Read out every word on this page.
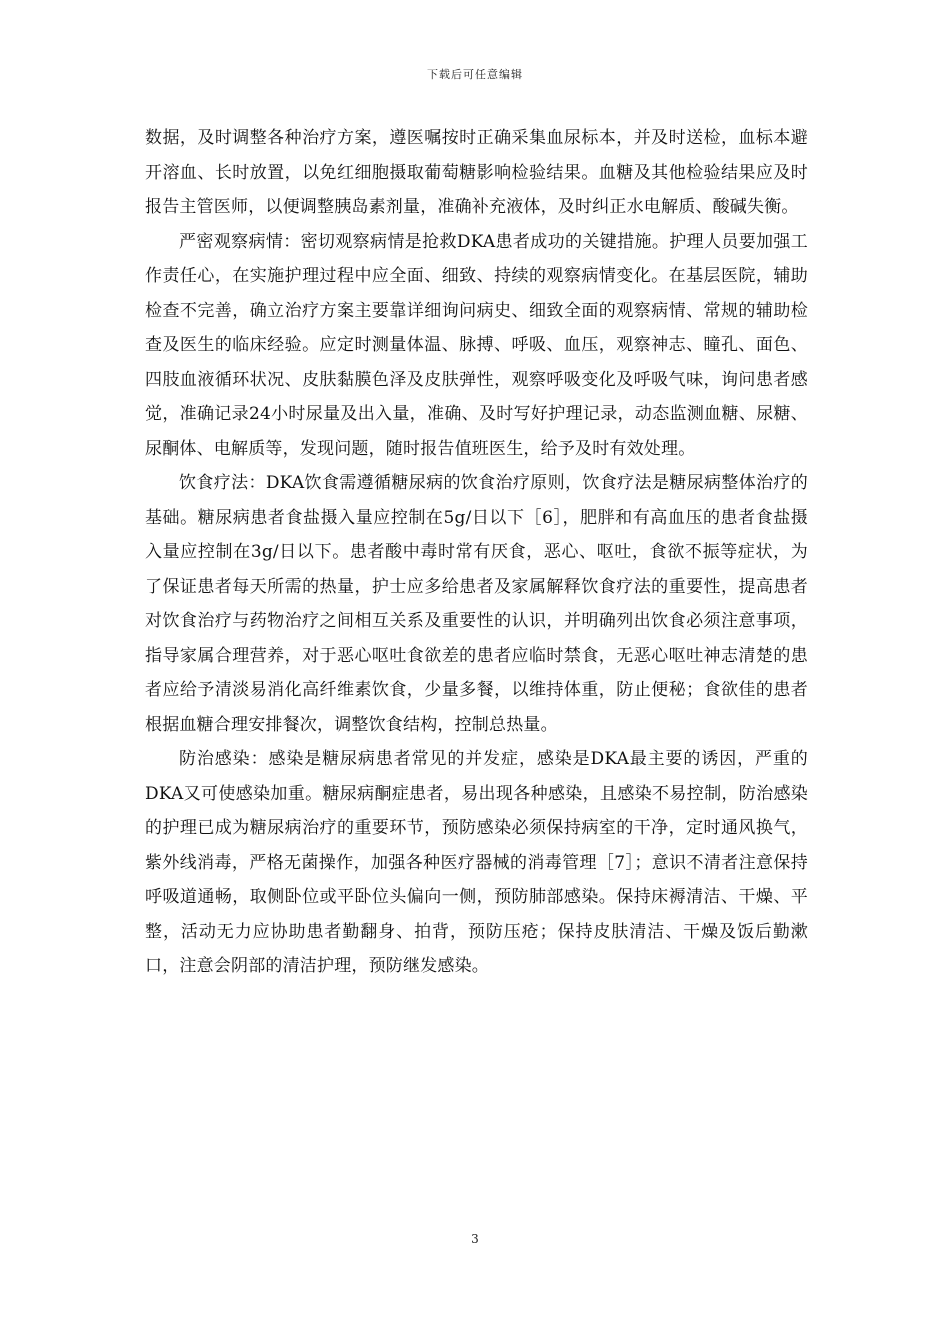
下载后可任意编辑

数据，及时调整各种治疗方案，遵医嘱按时正确采集血尿标本，并及时送检，血标本避开溶血、长时放置，以免红细胞摄取葡萄糖影响检验结果。血糖及其他检验结果应及时报告主管医师，以便调整胰岛素剂量，准确补充液体，及时纠正水电解质、酸碱失衡。

严密观察病情：密切观察病情是抢救DKA患者成功的关键措施。护理人员要加强工作责任心，在实施护理过程中应全面、细致、持续的观察病情变化。在基层医院，辅助检查不完善，确立治疗方案主要靠详细询问病史、细致全面的观察病情、常规的辅助检查及医生的临床经验。应定时测量体温、脉搏、呼吸、血压，观察神志、瞳孔、面色、四肢血液循环状况、皮肤黏膜色泽及皮肤弹性，观察呼吸变化及呼吸气味，询问患者感觉，准确记录24小时尿量及出入量，准确、及时写好护理记录，动态监测血糖、尿糖、尿酮体、电解质等，发现问题，随时报告值班医生，给予及时有效处理。

饮食疗法：DKA饮食需遵循糖尿病的饮食治疗原则，饮食疗法是糖尿病整体治疗的基础。糖尿病患者食盐摄入量应控制在5g/日以下［6］，肥胖和有高血压的患者食盐摄入量应控制在3g/日以下。患者酸中毒时常有厌食，恶心、呕吐，食欲不振等症状，为了保证患者每天所需的热量，护士应多给患者及家属解释饮食疗法的重要性，提高患者对饮食治疗与药物治疗之间相互关系及重要性的认识，并明确列出饮食必须注意事项，指导家属合理营养，对于恶心呕吐食欲差的患者应临时禁食，无恶心呕吐神志清楚的患者应给予清淡易消化高纤维素饮食，少量多餐，以维持体重，防止便秘；食欲佳的患者根据血糖合理安排餐次，调整饮食结构，控制总热量。

防治感染：感染是糖尿病患者常见的并发症，感染是DKA最主要的诱因，严重的DKA又可使感染加重。糖尿病酮症患者，易出现各种感染，且感染不易控制，防治感染的护理已成为糖尿病治疗的重要环节，预防感染必须保持病室的干净，定时通风换气，紫外线消毒，严格无菌操作，加强各种医疗器械的消毒管理［7］；意识不清者注意保持呼吸道通畅，取侧卧位或平卧位头偏向一侧，预防肺部感染。保持床褥清洁、干燥、平整，活动无力应协助患者勤翻身、拍背，预防压疮；保持皮肤清洁、干燥及饭后勤漱口，注意会阴部的清洁护理，预防继发感染。

3
